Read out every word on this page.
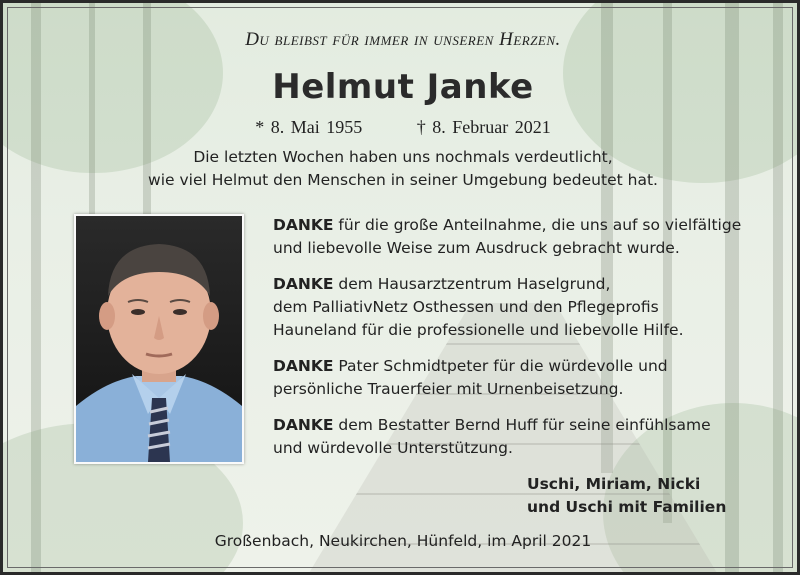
Du bleibst für immer in unseren Herzen.
Helmut Janke
* 8. Mai 1955	† 8. Februar 2021
Die letzten Wochen haben uns nochmals verdeutlicht,
wie viel Helmut den Menschen in seiner Umgebung bedeutet hat.

DANKE für die große Anteilnahme, die uns auf so vielfältige
und liebevolle Weise zum Ausdruck gebracht wurde.

DANKE dem Hausarztzentrum Haselgrund,
dem PalliativNetz Osthessen und den Pflegeprofis
Hauneland für die professionelle und liebevolle Hilfe.

DANKE Pater Schmidtpeter für die würdevolle und
persönliche Trauerfeier mit Urnenbeisetzung.

DANKE dem Bestatter Bernd Huff für seine einfühlsame
und würdevolle Unterstützung.

Uschi, Miriam, Nicki
und Uschi mit Familien
Großenbach, Neukirchen, Hünfeld, im April 2021
